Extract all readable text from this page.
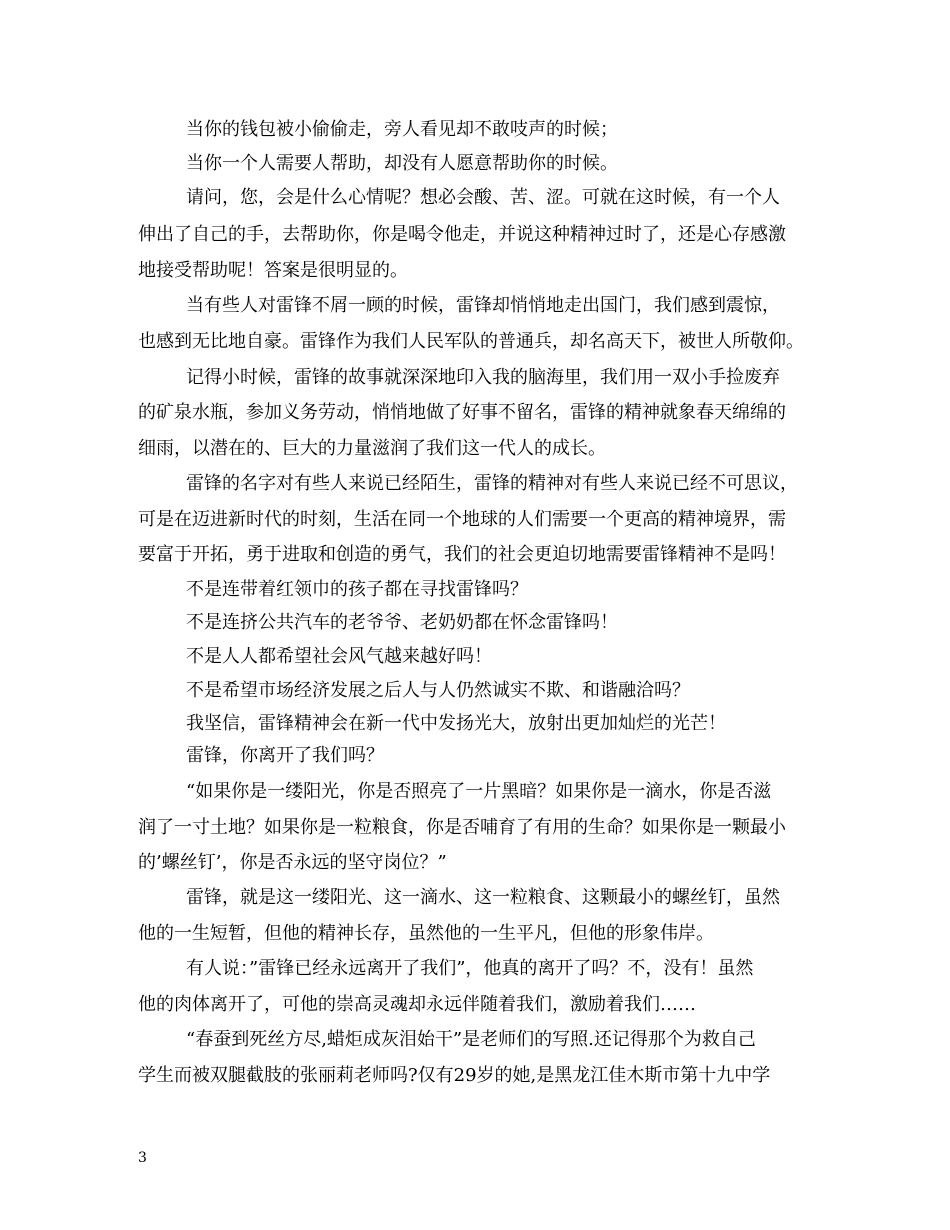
当你的钱包被小偷偷走，旁人看见却不敢吱声的时候；
当你一个人需要人帮助，却没有人愿意帮助你的时候。
请问，您，会是什么心情呢？想必会酸、苦、涩。可就在这时候，有一个人
伸出了自己的手，去帮助你，你是喝令他走，并说这种精神过时了，还是心存感激
地接受帮助呢！答案是很明显的。
当有些人对雷锋不屑一顾的时候，雷锋却悄悄地走出国门，我们感到震惊，
也感到无比地自豪。雷锋作为我们人民军队的普通兵，却名高天下，被世人所敬仰。
记得小时候，雷锋的故事就深深地印入我的脑海里，我们用一双小手捡废弃
的矿泉水瓶，参加义务劳动，悄悄地做了好事不留名，雷锋的精神就象春天绵绵的
细雨，以潜在的、巨大的力量滋润了我们这一代人的成长。
雷锋的名字对有些人来说已经陌生，雷锋的精神对有些人来说已经不可思议，
可是在迈进新时代的时刻，生活在同一个地球的人们需要一个更高的精神境界，需
要富于开拓，勇于进取和创造的勇气，我们的社会更迫切地需要雷锋精神不是吗！
不是连带着红领巾的孩子都在寻找雷锋吗？
不是连挤公共汽车的老爷爷、老奶奶都在怀念雷锋吗！
不是人人都希望社会风气越来越好吗！
不是希望市场经济发展之后人与人仍然诚实不欺、和谐融洽吗？
我坚信，雷锋精神会在新一代中发扬光大，放射出更加灿烂的光芒！
雷锋，你离开了我们吗？
“如果你是一缕阳光，你是否照亮了一片黑暗？如果你是一滴水，你是否滋
润了一寸土地？如果你是一粒粮食，你是否哺育了有用的生命？如果你是一颗最小
的’螺丝钉’，你是否永远的坚守岗位？”
雷锋，就是这一缕阳光、这一滴水、这一粒粮食、这颗最小的螺丝钉，虽然
他的一生短暂，但他的精神长存，虽然他的一生平凡，但他的形象伟岸。
有人说：”雷锋已经永远离开了我们”，他真的离开了吗？不，没有！虽然
他的肉体离开了，可他的崇高灵魂却永远伴随着我们，激励着我们……
“春蚕到死丝方尽,蜡炬成灰泪始干”是老师们的写照.还记得那个为救自己
学生而被双腿截肢的张丽莉老师吗?仅有29岁的她,是黑龙江佳木斯市第十九中学
3
